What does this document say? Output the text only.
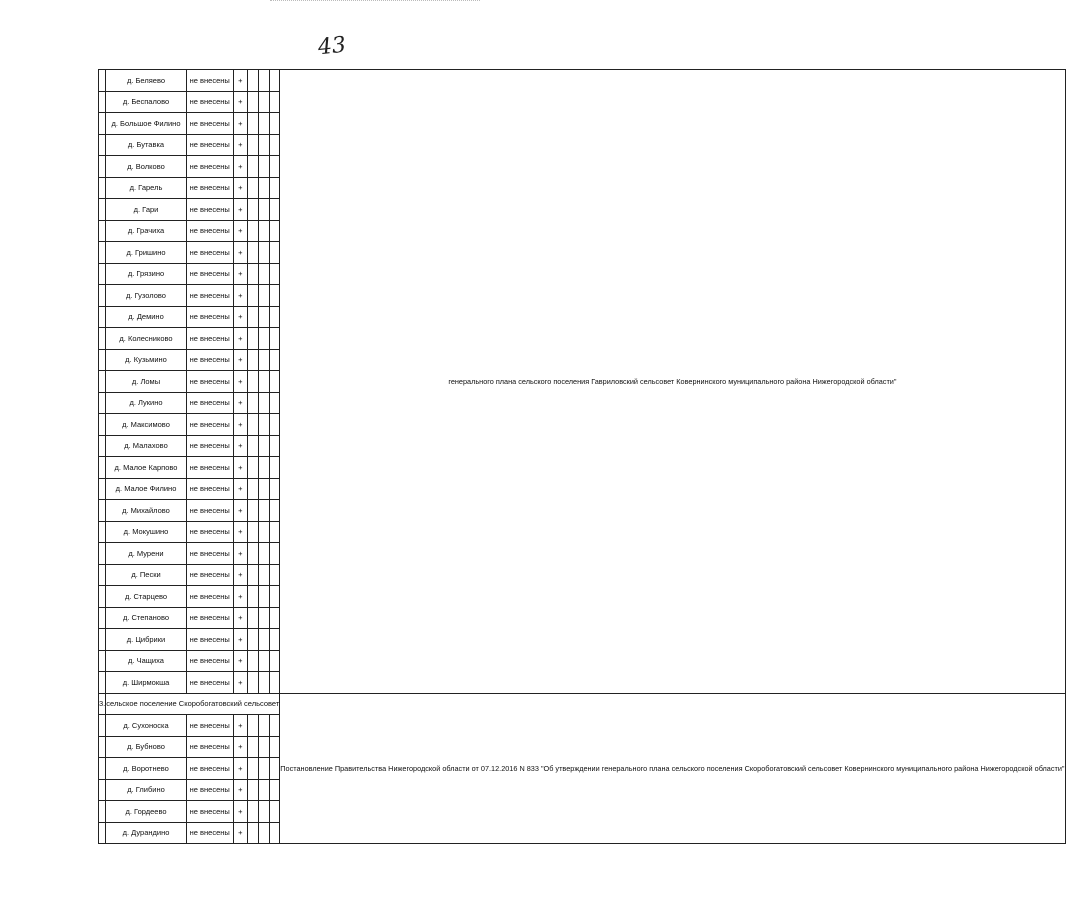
43
	д. Беляево	не внесены	+				генерального плана сельского поселения Гавриловский сельсовет Ковернинского муниципального района Нижегородской области"

	д. Беспалово	не внесены	+				
	д. Большое Филино	не внесены	+				
	д. Бутавка	не внесены	+				
	д. Волково	не внесены	+				
	д. Гарель	не внесены	+				
	д. Гари	не внесены	+				
	д. Грачиха	не внесены	+				
	д. Гришино	не внесены	+				
	д. Грязино	не внесены	+				
	д. Гузолово	не внесены	+				
	д. Демино	не внесены	+				
	д. Колесниково	не внесены	+				
	д. Кузьмино	не внесены	+				
	д. Ломы	не внесены	+				
	д. Лукино	не внесены	+				
	д. Максимово	не внесены	+				
	д. Малахово	не внесены	+				
	д. Малое Карпово	не внесены	+				
	д. Малое Филино	не внесены	+				
	д. Михайлово	не внесены	+				
	д. Мокушино	не внесены	+				
	д. Мурени	не внесены	+				
	д. Пески	не внесены	+				
	д. Старцево	не внесены	+				
	д. Степаново	не внесены	+				
	д. Цибрики	не внесены	+				
	д. Чащиха	не внесены	+				
	д. Ширмокша	не внесены	+				
3.	сельское поселение Скоробогатовский сельсовет						Постановление Правительства Нижегородской области от 07.12.2016 N 833 "Об утверждении генерального плана сельского поселения Скоробогатовский сельсовет Ковернинского муниципального района Нижегородской области"

	д. Сухоноска	не внесены	+				
	д. Бубново	не внесены	+				
	д. Воротнево	не внесены	+				
	д. Глибино	не внесены	+				
	д. Гордеево	не внесены	+				
	д. Дурандино	не внесены	+				
